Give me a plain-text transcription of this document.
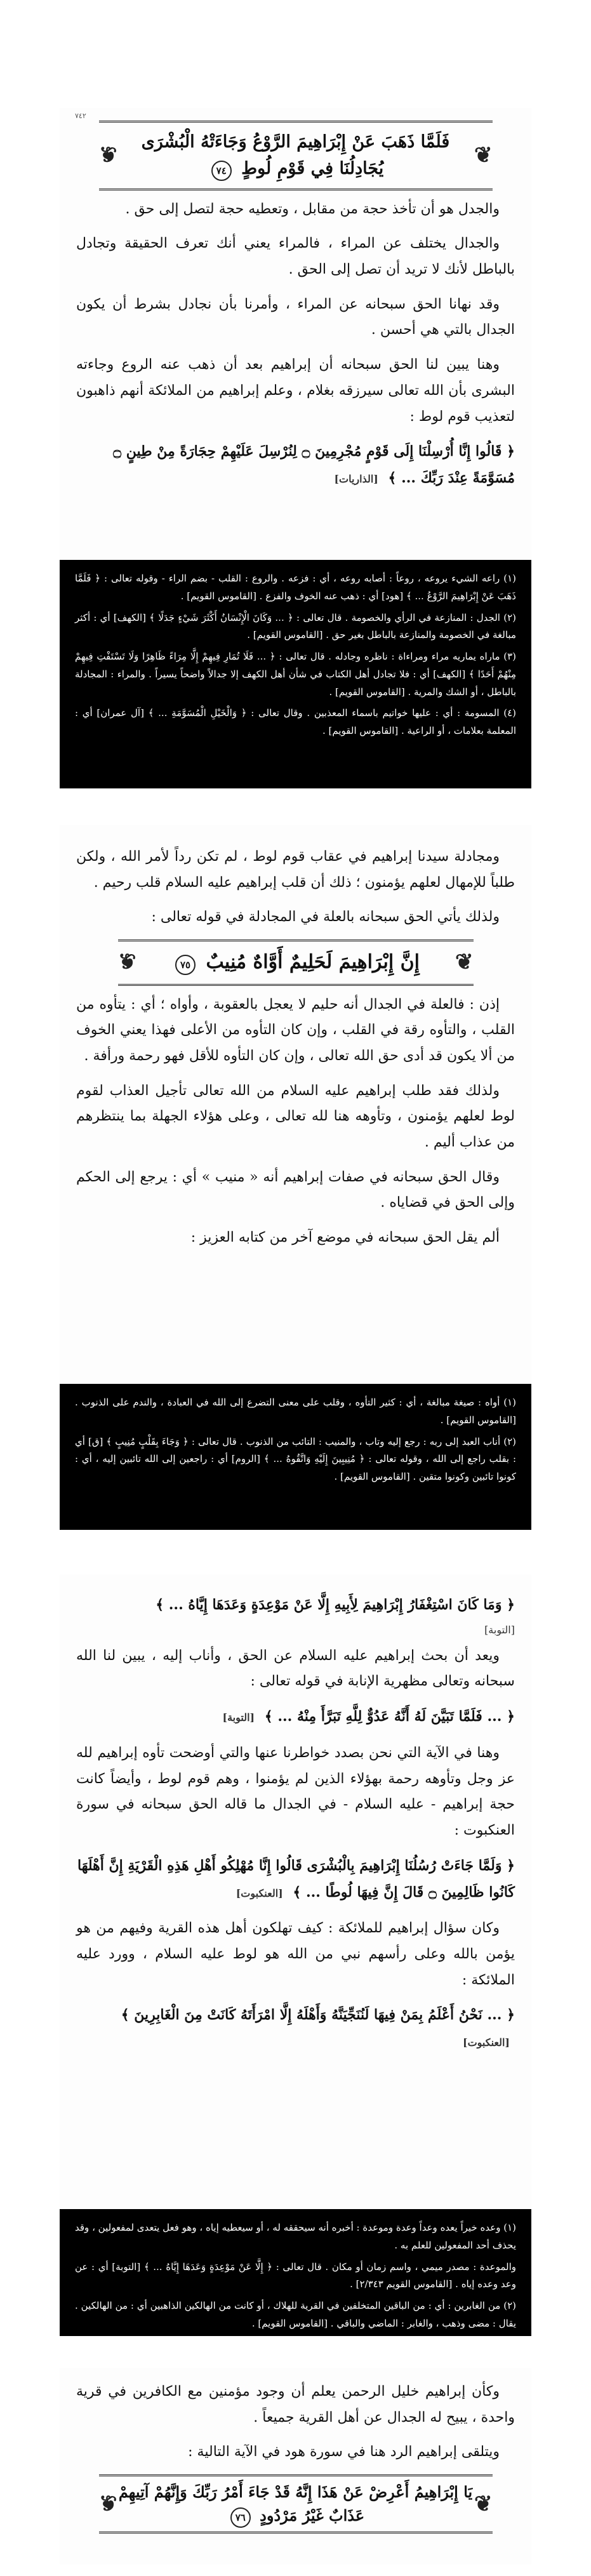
٧٤٢
❦ فَلَمَّا ذَهَبَ عَنْ إِبْرَاهِيمَ الرَّوْعُ وَجَاءَتْهُ الْبُشْرَى يُجَادِلُنَا فِي قَوْمِ لُوطٍ ٧٤ ❦

والجدل هو أن تأخذ حجة من مقابل ، وتعطيه حجة لتصل إلى حق .

والجدال يختلف عن المراء ، فالمراء يعني أنك تعرف الحقيقة وتجادل بالباطل لأنك لا تريد أن تصل إلى الحق .

وقد نهانا الحق سبحانه عن المراء ، وأمرنا بأن نجادل بشرط أن يكون الجدال بالتي هي أحسن .

وهنا يبين لنا الحق سبحانه أن إبراهيم بعد أن ذهب عنه الروع وجاءته البشرى بأن الله تعالى سيرزقه بغلام ، وعلم إبراهيم من الملائكة أنهم ذاهبون لتعذيب قوم لوط :

﴿ قَالُوا إِنَّا أُرْسِلْنَا إِلَى قَوْمٍ مُجْرِمِينَ ۝ لِنُرْسِلَ عَلَيْهِمْ حِجَارَةً مِنْ طِينٍ ۝ مُسَوَّمَةً عِنْدَ رَبِّكَ ... ﴾ [الذاريات]
(١) راعه الشيء يروعه ، روعاً : أصابه روعه ، أي : فزعه . والروع : القلب - بضم الراء - وقوله تعالى : ﴿ فَلَمَّا ذَهَبَ عَنْ إِبْرَاهِيمَ الرَّوْعُ ... ﴾ [هود] أي : ذهب عنه الخوف والفزع . [القاموس القويم] .
(٢) الجدل : المنازعة في الرأي والخصومة . قال تعالى : ﴿ ... وَكَانَ الْإِنْسَانُ أَكْثَرَ شَيْءٍ جَدَلًا ﴾ [الكهف] أي : أكثر مبالغة في الخصومة والمنازعة بالباطل بغير حق . [القاموس القويم] .
(٣) ماراه يماريه مراء ومراءاة : ناظره وجادله . قال تعالى : ﴿ ... فَلَا تُمَارِ فِيهِمْ إِلَّا مِرَاءً ظَاهِرًا وَلَا تَسْتَفْتِ فِيهِمْ مِنْهُمْ أَحَدًا ﴾ [الكهف] أي : فلا تجادل أهل الكتاب في شأن أهل الكهف إلا جدالاً واضحاً يسيراً . والمراء : المجادلة بالباطل ، أو الشك والمرية . [القاموس القويم] .
(٤) المسومة : أي : عليها خواتيم باسماء المعذبين . وقال تعالى : ﴿ وَالْخَيْلِ الْمُسَوَّمَةِ ... ﴾ [آل عمران] أي : المعلمة بعلامات ، أو الراعية . [القاموس القويم] .

ومجادلة سيدنا إبراهيم في عقاب قوم لوط ، لم تكن رداً لأمر الله ، ولكن طلباً للإمهال لعلهم يؤمنون ؛ ذلك أن قلب إبراهيم عليه السلام قلب رحيم .

ولذلك يأتي الحق سبحانه بالعلة في المجادلة في قوله تعالى :

❦ إِنَّ إِبْرَاهِيمَ لَحَلِيمٌ أَوَّاهٌ مُنِيبٌ ٧٥ ❦

إذن : فالعلة في الجدال أنه حليم لا يعجل بالعقوبة ، وأواه ؛ أي : يتأوه من القلب ، والتأوه رقة في القلب ، وإن كان التأوه من الأعلى فهذا يعني الخوف من ألا يكون قد أدى حق الله تعالى ، وإن كان التأوه للأقل فهو رحمة ورأفة .

ولذلك فقد طلب إبراهيم عليه السلام من الله تعالى تأجيل العذاب لقوم لوط لعلهم يؤمنون ، وتأوهه هنا لله تعالى ، وعلى هؤلاء الجهلة بما ينتظرهم من عذاب أليم .

وقال الحق سبحانه في صفات إبراهيم أنه « منيب » أي : يرجع إلى الحكم وإلى الحق في قضاياه .

ألم يقل الحق سبحانه في موضع آخر من كتابه العزيز :

(١) أواه : صيغة مبالغة ، أي : كثير التأوه ، وقلب على معنى التضرع إلى الله في العبادة ، والندم على الذنوب . [القاموس القويم] .
(٢) أناب العبد إلى ربه : رجع إليه وتاب ، والمنيب : التائب من الذنوب . قال تعالى : ﴿ وَجَاءَ بِقَلْبٍ مُنِيبٍ ﴾ [ق] أي : بقلب راجع إلى الله ، وقوله تعالى : ﴿ مُنِيبِينَ إِلَيْهِ وَاتَّقُوهُ ... ﴾ [الروم] أي : راجعين إلى الله تائبين إليه ، أي : كونوا تائبين وكونوا متقين . [القاموس القويم] .
﴿ وَمَا كَانَ اسْتِغْفَارُ إِبْرَاهِيمَ لِأَبِيهِ إِلَّا عَنْ مَوْعِدَةٍ وَعَدَهَا إِيَّاهُ ... ﴾
[التوبة]

ويعد أن بحث إبراهيم عليه السلام عن الحق ، وأناب إليه ، يبين لنا الله سبحانه وتعالى مظهرية الإنابة في قوله تعالى :

﴿ ... فَلَمَّا تَبَيَّنَ لَهُ أَنَّهُ عَدُوٌّ لِلَّهِ تَبَرَّأَ مِنْهُ ... ﴾ [التوبة]

وهنا في الآية التي نحن بصدد خواطرنا عنها والتي أوضحت تأوه إبراهيم لله عز وجل وتأوهه رحمة بهؤلاء الذين لم يؤمنوا ، وهم قوم لوط ، وأيضاً كانت حجة إبراهيم - عليه السلام - في الجدال ما قاله الحق سبحانه في سورة العنكبوت :

﴿ وَلَمَّا جَاءَتْ رُسُلُنَا إِبْرَاهِيمَ بِالْبُشْرَى قَالُوا إِنَّا مُهْلِكُو أَهْلِ هَذِهِ الْقَرْيَةِ إِنَّ أَهْلَهَا كَانُوا ظَالِمِينَ ۝ قَالَ إِنَّ فِيهَا لُوطًا ... ﴾ [العنكبوت]

وكان سؤال إبراهيم للملائكة : كيف تهلكون أهل هذه القرية وفيهم من هو يؤمن بالله وعلى رأسهم نبي من الله هو لوط عليه السلام ، وورد عليه الملائكة :

﴿ ... نَحْنُ أَعْلَمُ بِمَنْ فِيهَا لَنُنَجِّيَنَّهُ وَأَهْلَهُ إِلَّا امْرَأَتَهُ كَانَتْ مِنَ الْغَابِرِينَ ﴾ [العنكبوت]
(١) وعده خيراً يعده وعداً وعدة وموعدة : أخبره أنه سيحققه له ، أو سيعطيه إياه ، وهو فعل يتعدى لمفعولين ، وقد يحذف أحد المفعولين للعلم به .
والموعدة : مصدر ميمي ، واسم زمان أو مكان . قال تعالى : ﴿ إِلَّا عَنْ مَوْعِدَةٍ وَعَدَهَا إِيَّاهُ ... ﴾ [التوبة] أي : عن وعد وعده إياه . [القاموس القويم ٢/٣٤٣] .
(٢) من الغابرين : أي : من الباقين المتخلفين في القرية للهلاك ، أو كانت من الهالكين الذاهبين أي : من الهالكين . يقال : مضى وذهب ، والغابر : الماضي والباقي . [القاموس القويم] .

وكأن إبراهيم خليل الرحمن يعلم أن وجود مؤمنين مع الكافرين في قرية واحدة ، يبيح له الجدال عن أهل القرية جميعاً .

ويتلقى إبراهيم الرد هنا في سورة هود في الآية التالية :

❦ يَا إِبْرَاهِيمُ أَعْرِضْ عَنْ هَذَا إِنَّهُ قَدْ جَاءَ أَمْرُ رَبِّكَ وَإِنَّهُمْ آتِيهِمْ عَذَابٌ غَيْرُ مَرْدُودٍ ٧٦ ❦
